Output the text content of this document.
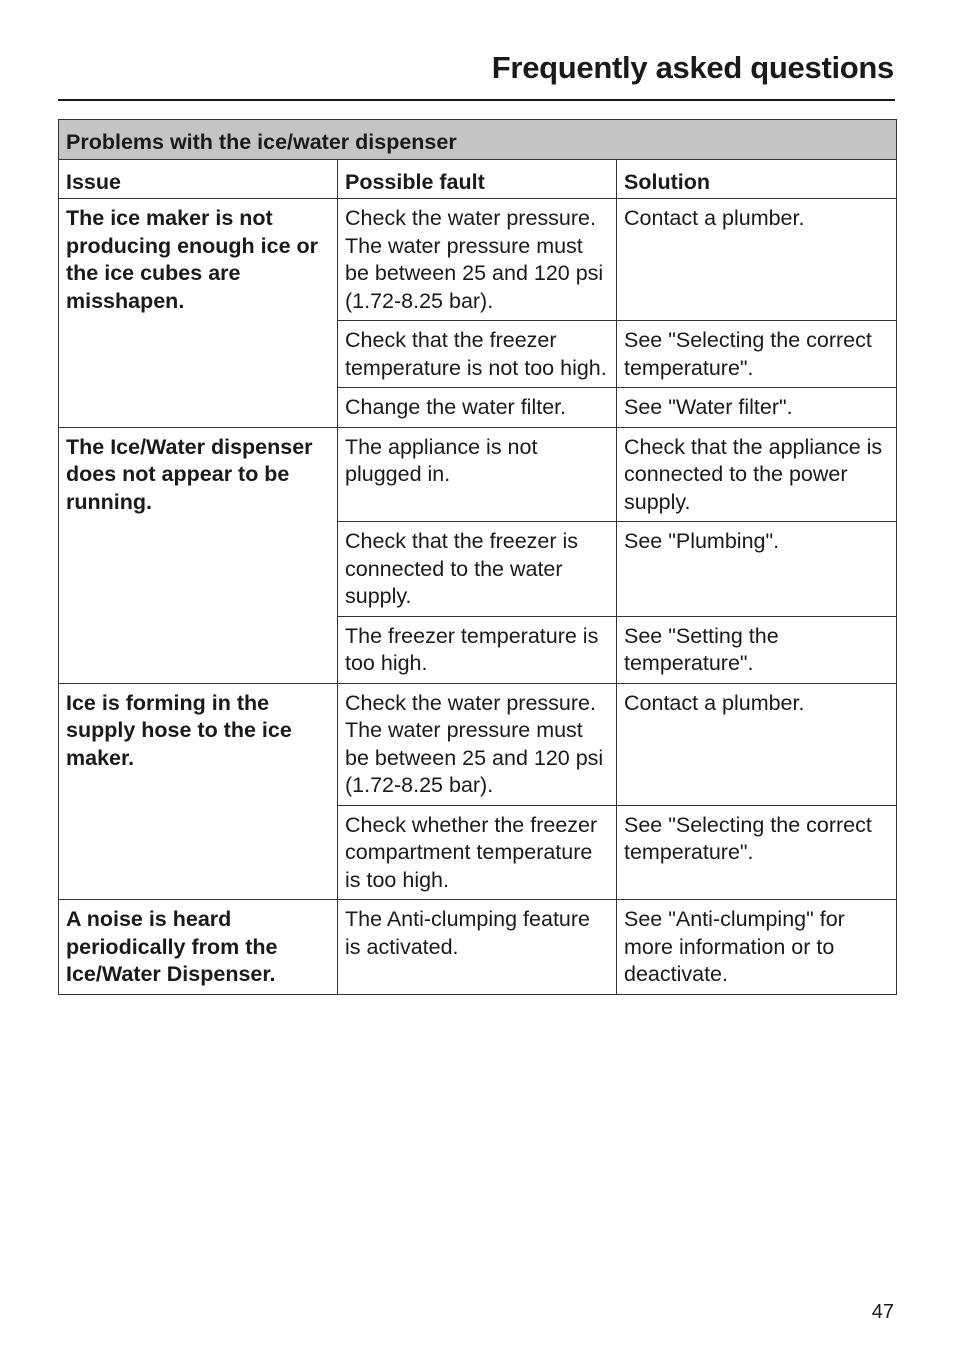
Frequently asked questions
Problems with the ice/water dispenser		
Issue	Possible fault	Solution
The ice maker is not producing enough ice or the ice cubes are misshapen.	Check the water pressure. The water pressure must be between 25 and 120 psi (1.72-8.25 bar).	Contact a plumber.
	Check that the freezer temperature is not too high.	See "Selecting the correct temperature".
	Change the water filter.	See "Water filter".
The Ice/Water dispenser does not appear to be running.	The appliance is not plugged in.	Check that the appliance is connected to the power supply.
	Check that the freezer is connected to the water supply.	See "Plumbing".
	The freezer temperature is too high.	See "Setting the temperature".
Ice is forming in the supply hose to the ice maker.	Check the water pressure. The water pressure must be between 25 and 120 psi (1.72-8.25 bar).	Contact a plumber.
	Check whether the freezer compartment temperature is too high.	See "Selecting the correct temperature".
A noise is heard periodically from the Ice/Water Dispenser.	The Anti-clumping feature is activated.	See "Anti-clumping" for more information or to deactivate.
47
